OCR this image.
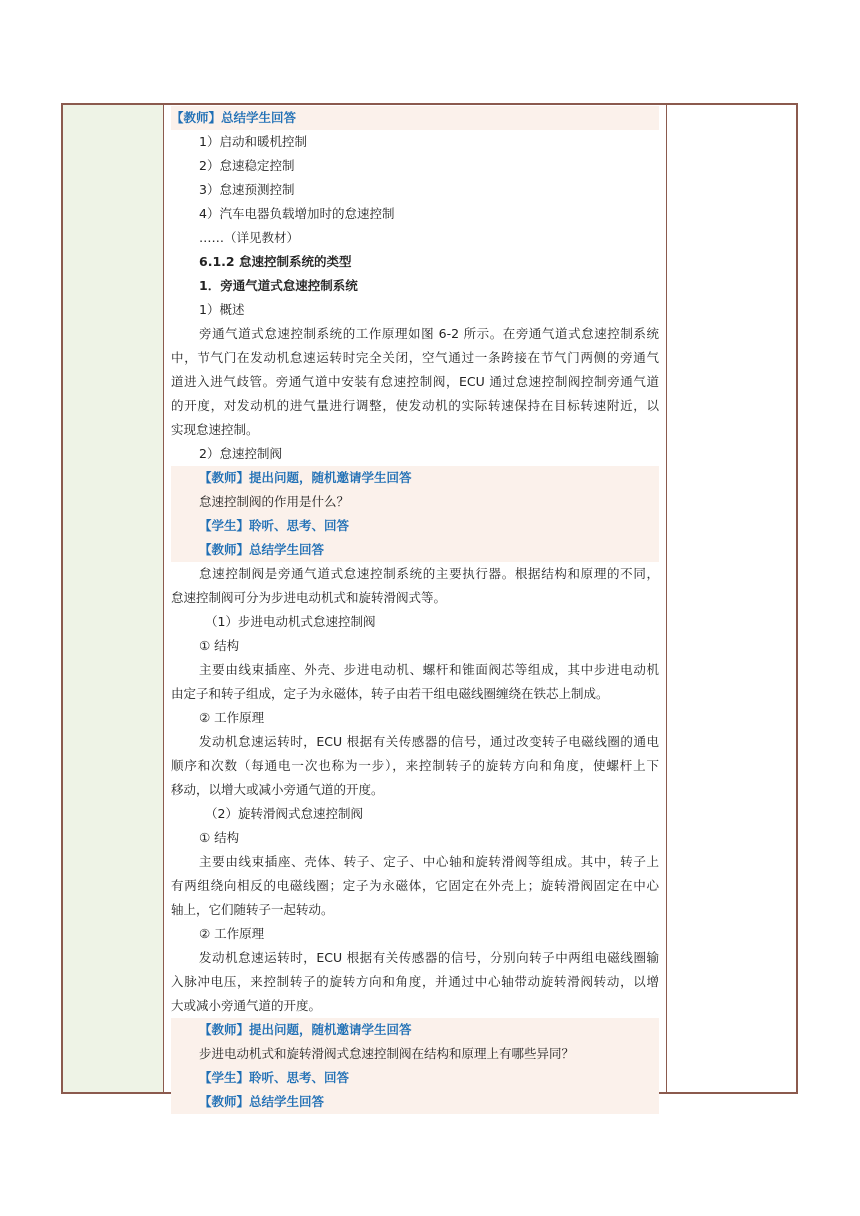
【教师】总结学生回答
1）启动和暖机控制
2）怠速稳定控制
3）怠速预测控制
4）汽车电器负载增加时的怠速控制
……（详见教材）
6.1.2 怠速控制系统的类型
1．旁通气道式怠速控制系统
1）概述
旁通气道式怠速控制系统的工作原理如图 6-2 所示。在旁通气道式怠速控制系统
中，节气门在发动机怠速运转时完全关闭，空气通过一条跨接在节气门两侧的旁通气
道进入进气歧管。旁通气道中安装有怠速控制阀，ECU 通过怠速控制阀控制旁通气道
的开度，对发动机的进气量进行调整，使发动机的实际转速保持在目标转速附近，以
实现怠速控制。
2）怠速控制阀
【教师】提出问题，随机邀请学生回答
怠速控制阀的作用是什么？
【学生】聆听、思考、回答
【教师】总结学生回答
怠速控制阀是旁通气道式怠速控制系统的主要执行器。根据结构和原理的不同，
怠速控制阀可分为步进电动机式和旋转滑阀式等。
（1）步进电动机式怠速控制阀
① 结构
主要由线束插座、外壳、步进电动机、螺杆和锥面阀芯等组成，其中步进电动机
由定子和转子组成，定子为永磁体，转子由若干组电磁线圈缠绕在铁芯上制成。
② 工作原理
发动机怠速运转时，ECU 根据有关传感器的信号，通过改变转子电磁线圈的通电
顺序和次数（每通电一次也称为一步），来控制转子的旋转方向和角度，使螺杆上下
移动，以增大或减小旁通气道的开度。
（2）旋转滑阀式怠速控制阀
① 结构
主要由线束插座、壳体、转子、定子、中心轴和旋转滑阀等组成。其中，转子上
有两组绕向相反的电磁线圈；定子为永磁体，它固定在外壳上；旋转滑阀固定在中心
轴上，它们随转子一起转动。
② 工作原理
发动机怠速运转时，ECU 根据有关传感器的信号，分别向转子中两组电磁线圈输
入脉冲电压，来控制转子的旋转方向和角度，并通过中心轴带动旋转滑阀转动，以增
大或减小旁通气道的开度。
【教师】提出问题，随机邀请学生回答
步进电动机式和旋转滑阀式怠速控制阀在结构和原理上有哪些异同？
【学生】聆听、思考、回答
【教师】总结学生回答
